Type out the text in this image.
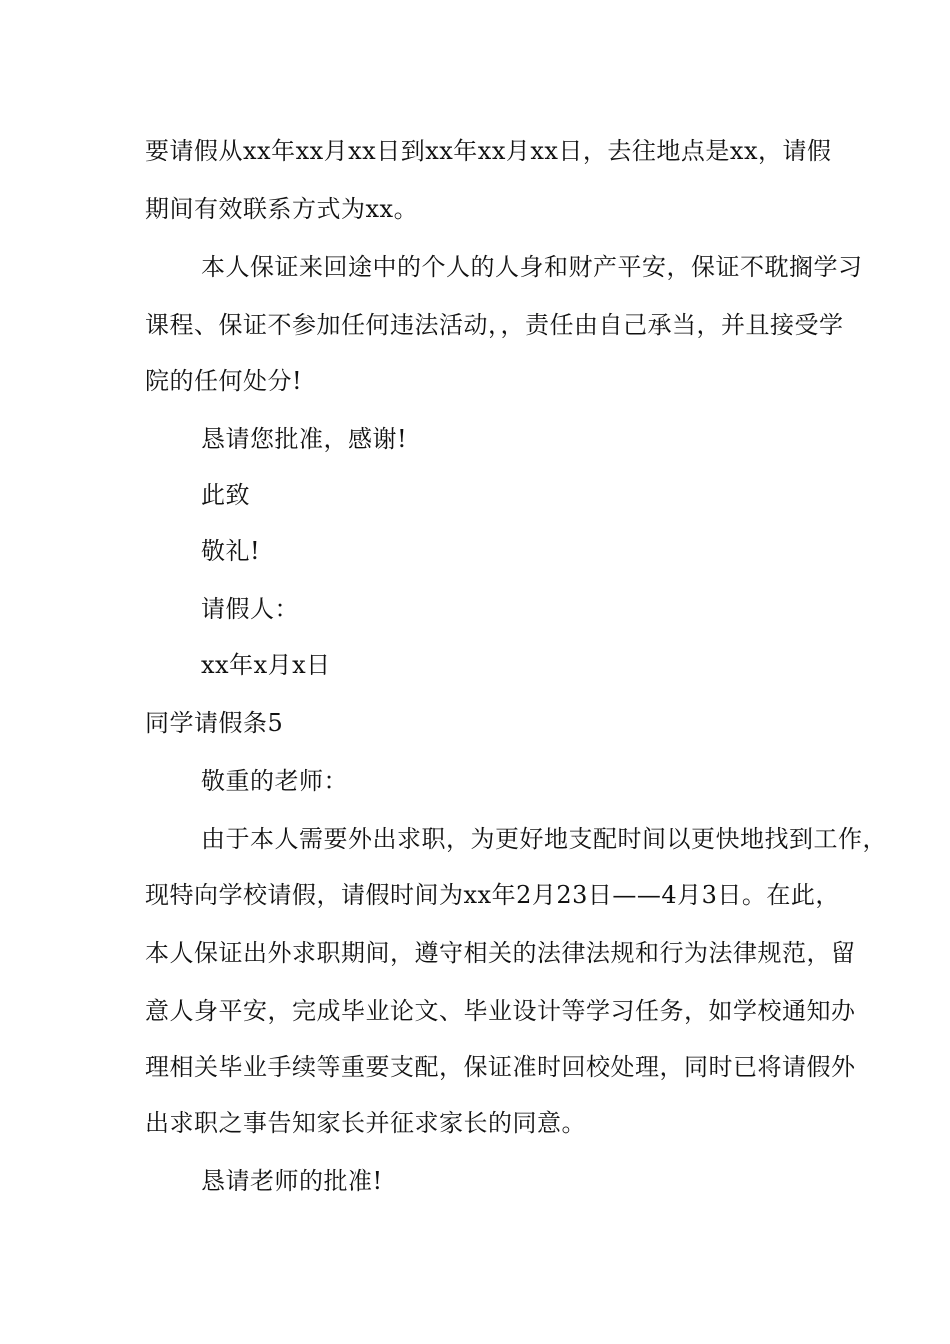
要请假从xx年xx月xx日到xx年xx月xx日，去往地点是xx，请假
期间有效联系方式为xx。
本人保证来回途中的个人的人身和财产平安，保证不耽搁学习
课程、保证不参加任何违法活动，，责任由自己承当，并且接受学
院的任何处分!
恳请您批准，感谢!
此致
敬礼!
请假人：
xx年x月x日
同学请假条5
敬重的老师：
由于本人需要外出求职，为更好地支配时间以更快地找到工作，
现特向学校请假，请假时间为xx年2月23日——4月3日。在此，
本人保证出外求职期间，遵守相关的法律法规和行为法律规范，留
意人身平安，完成毕业论文、毕业设计等学习任务，如学校通知办
理相关毕业手续等重要支配，保证准时回校处理，同时已将请假外
出求职之事告知家长并征求家长的同意。
恳请老师的批准!
